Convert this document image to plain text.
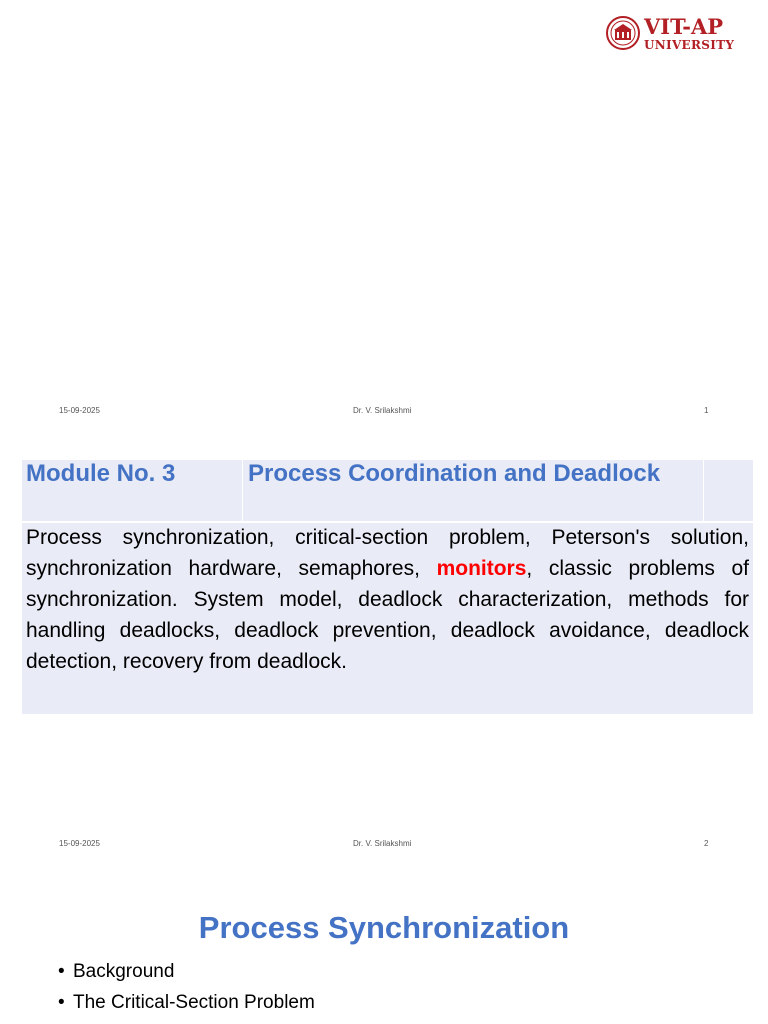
VIT-AP
UNIVERSITY
15-09-2025	Dr. V. Srilakshmi	1
Module No. 3	Process Coordination and Deadlock

Process synchronization, critical-section problem, Peterson's solution, synchronization hardware, semaphores, monitors, classic problems of synchronization. System model, deadlock characterization, methods for handling deadlocks, deadlock prevention, deadlock avoidance, deadlock detection, recovery from deadlock.

15-09-2025	Dr. V. Srilakshmi	2
Process Synchronization
• Background
• The Critical-Section Problem
